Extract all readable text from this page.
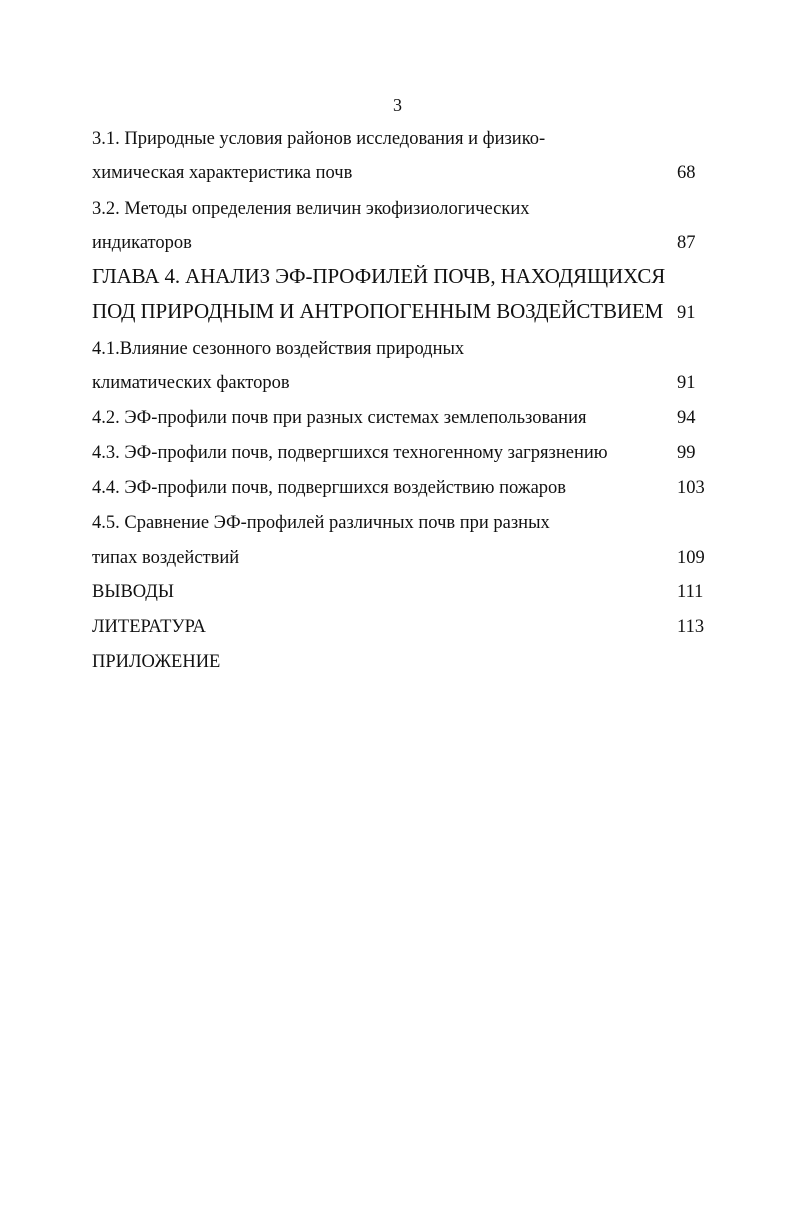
3
3.1. Природные условия районов исследования и физико-
химическая характеристика почв	68
3.2. Методы определения величин экофизиологических
индикаторов	87
ГЛАВА 4. АНАЛИЗ ЭФ-ПРОФИЛЕЙ ПОЧВ, НАХОДЯЩИХСЯ
ПОД ПРИРОДНЫМ И АНТРОПОГЕННЫМ ВОЗДЕЙСТВИЕМ 91
4.1.Влияние сезонного воздействия природных
климатических факторов	91
4.2. ЭФ-профили почв при разных системах землепользования	94
4.3. ЭФ-профили почв, подвергшихся техногенному загрязнению	99
4.4. ЭФ-профили почв, подвергшихся воздействию пожаров	103
4.5. Сравнение ЭФ-профилей различных почв при разных
типах воздействий	109
ВЫВОДЫ	111
ЛИТЕРАТУРА	113
ПРИЛОЖЕНИЕ
